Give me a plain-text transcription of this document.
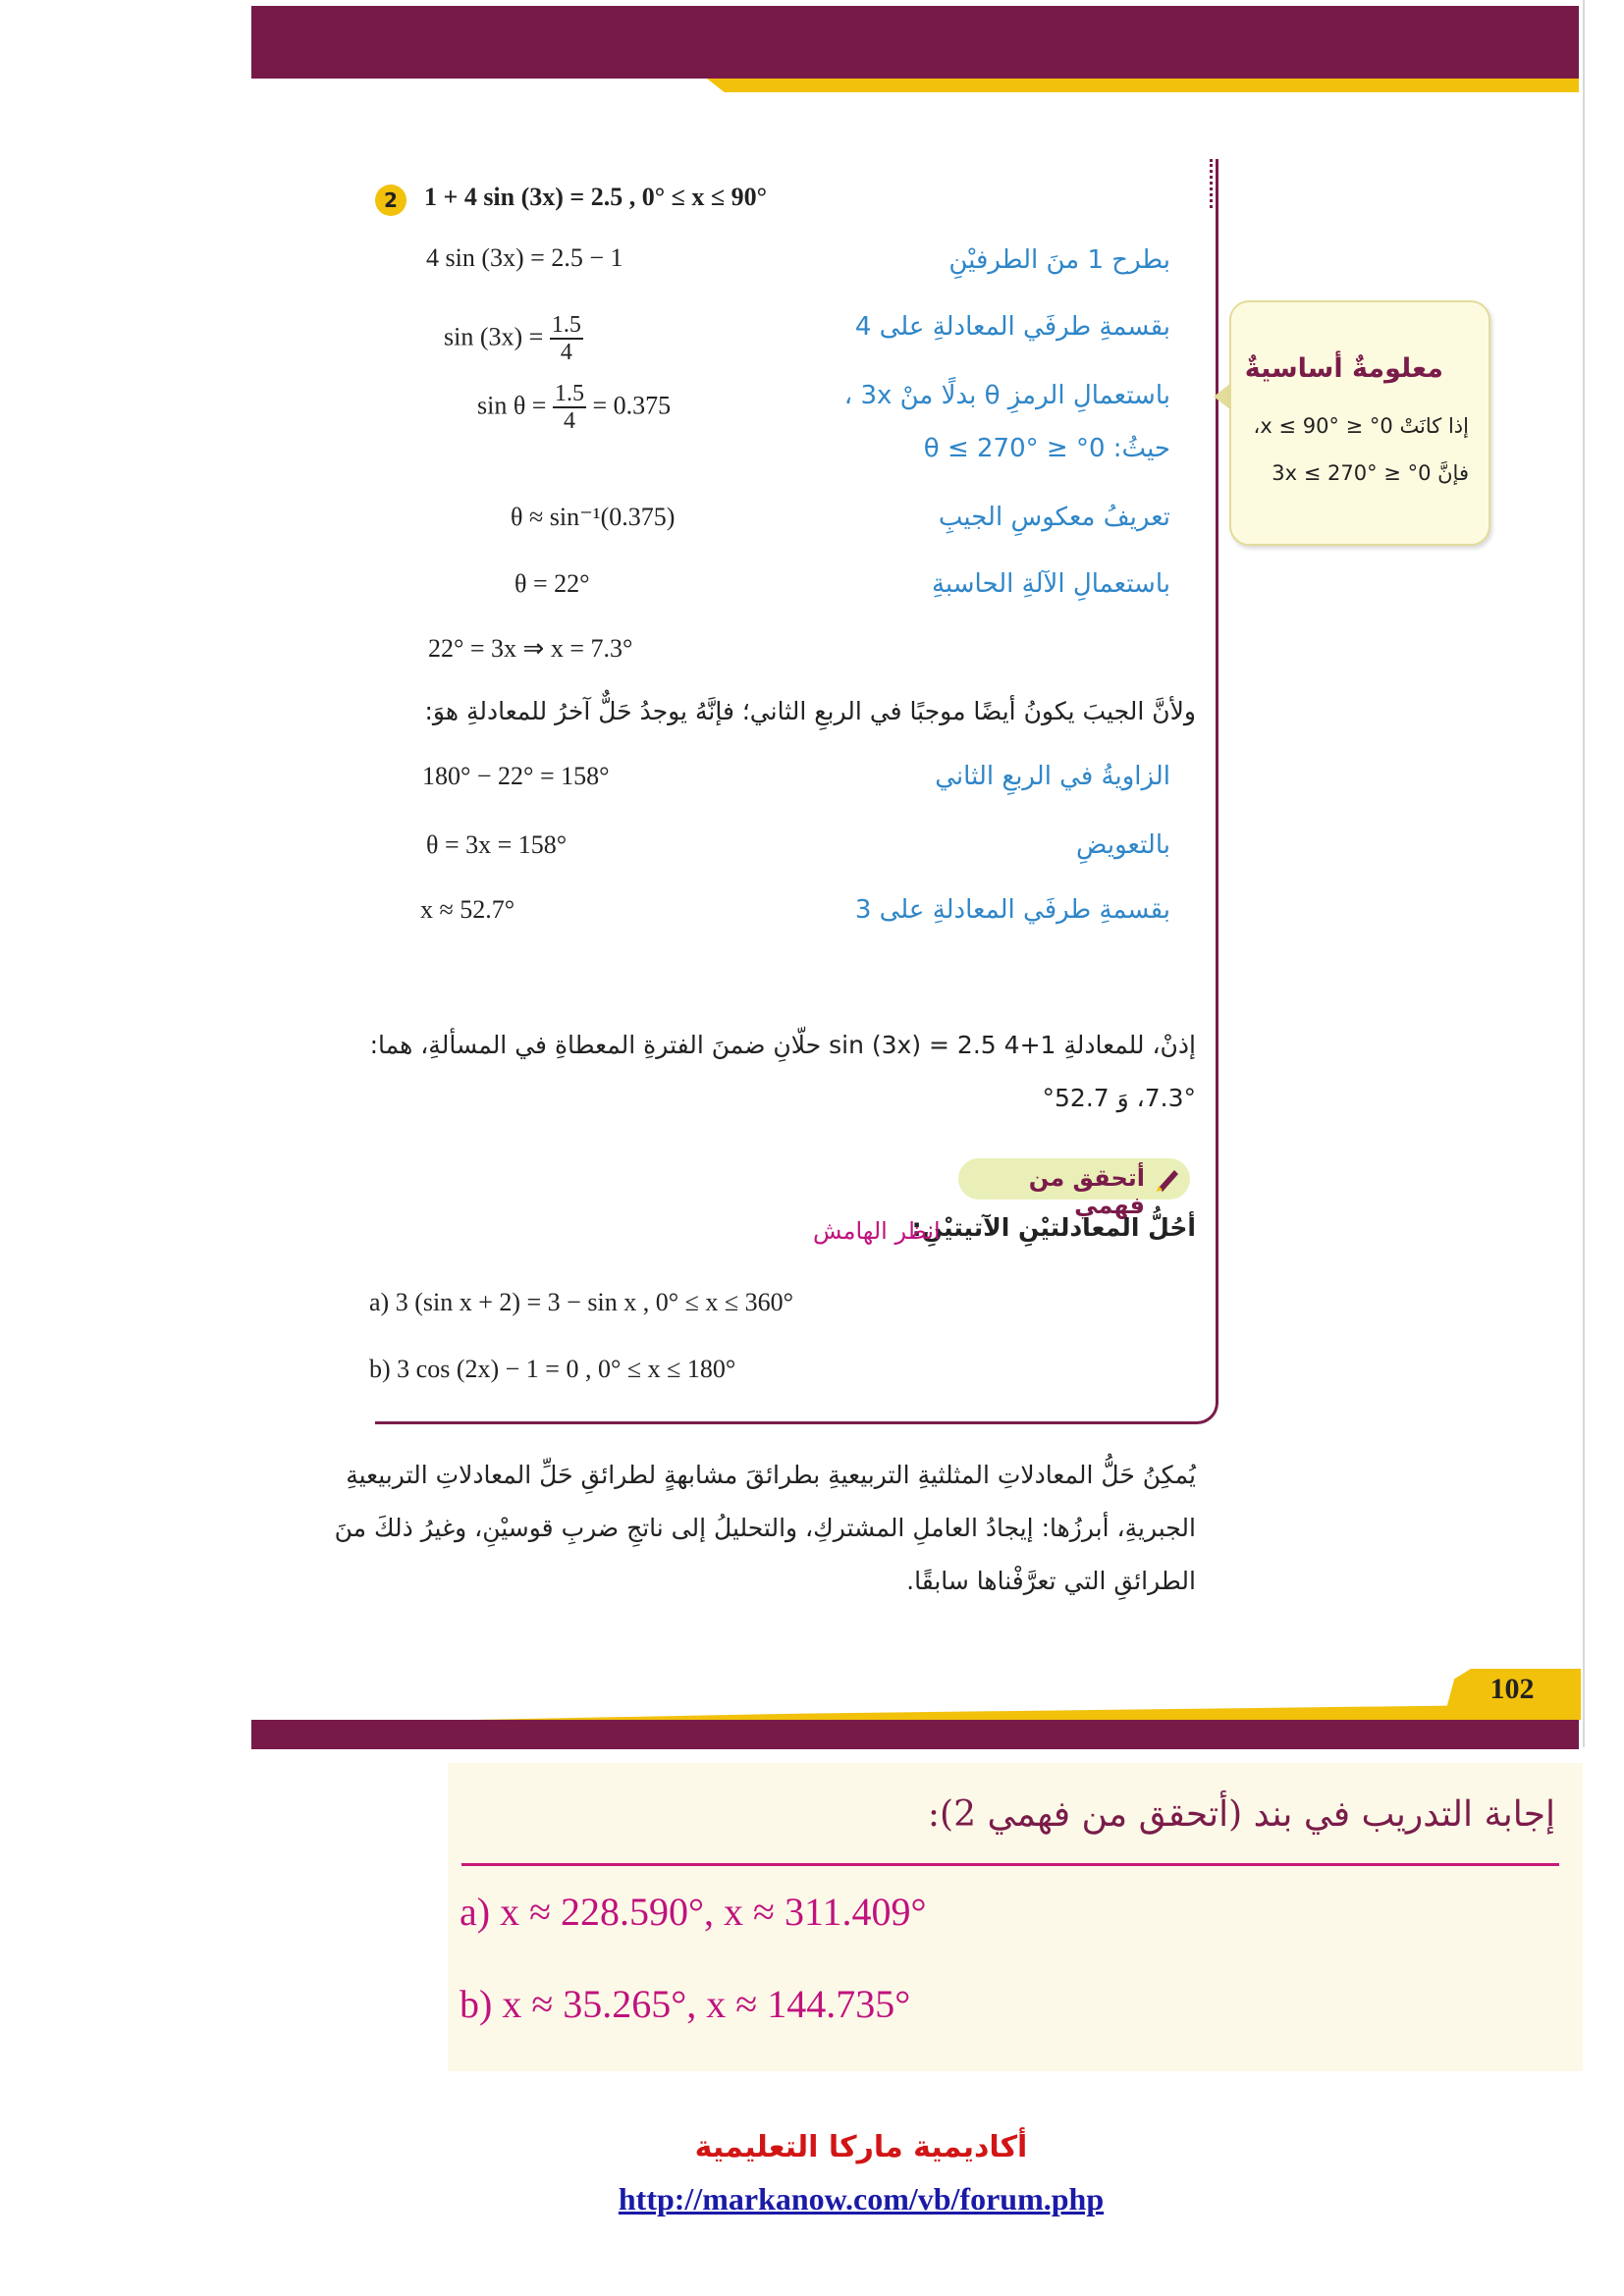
2	1 + 4 sin (3x) = 2.5 , 0° ≤ x ≤ 90°
4 sin (3x) = 2.5 − 1	بطرح 1 منَ الطرفيْنِ
$\sin (3x) = \frac{1.5}{4}$	بقسمةِ طرفَي المعادلةِ على 4
$\sin \theta = \frac{1.5}{4} = 0.375$	باستعمالِ الرمزِ θ بدلًا منْ 3x ،
حيثُ: 0° ≤ θ ≤ 270°
θ ≈ sin⁻¹(0.375)	تعريفُ معكوسِ الجيبِ
θ = 22°	باستعمالِ الآلةِ الحاسبةِ
22° = 3x ⇒ x = 7.3°
ولأنَّ الجيبَ يكونُ أيضًا موجبًا في الربعِ الثاني؛ فإنَّهُ يوجدُ حَلٌّ آخرُ للمعادلةِ هوَ:
180° − 22° = 158°	الزاويةُ في الربعِ الثاني
θ = 3x = 158°	بالتعويضِ
x ≈ 52.7°	بقسمةِ طرفَي المعادلةِ على 3
إذنْ، للمعادلةِ 1+4 sin (3x) = 2.5 حلّانِ ضمنَ الفترةِ المعطاةِ في المسألةِ، هما:
7.3°، وَ 52.7°
معلومةٌ أساسيةٌ
إذا كانَتْ 0° ≤ x ≤ 90°،
فإنَّ 0° ≤ 3x ≤ 270°
أتحقق من فهمي
أحُلُّ المعادلتيْنِ الآتيتيْنِ:
انظر الهامش
a) 3 (sin x + 2) = 3 − sin x , 0° ≤ x ≤ 360°
b) 3 cos (2x) − 1 = 0 , 0° ≤ x ≤ 180°
يُمكِنُ حَلُّ المعادلاتِ المثلثيةِ التربيعيةِ بطرائقَ مشابهةٍ لطرائقِ حَلِّ المعادلاتِ التربيعيةِ
الجبريةِ، أبرزُها: إيجادُ العاملِ المشتركِ، والتحليلُ إلى ناتجِ ضربِ قوسيْنِ، وغيرُ ذلكَ منَ
الطرائقِ التي تعرَّفْناها سابقًا.
102
إجابة التدريب في بند (أتحقق من فهمي 2):
a) x ≈ 228.590°, x ≈ 311.409°
b) x ≈ 35.265°, x ≈ 144.735°
أكاديمية ماركا التعليمية
http://markanow.com/vb/forum.php
